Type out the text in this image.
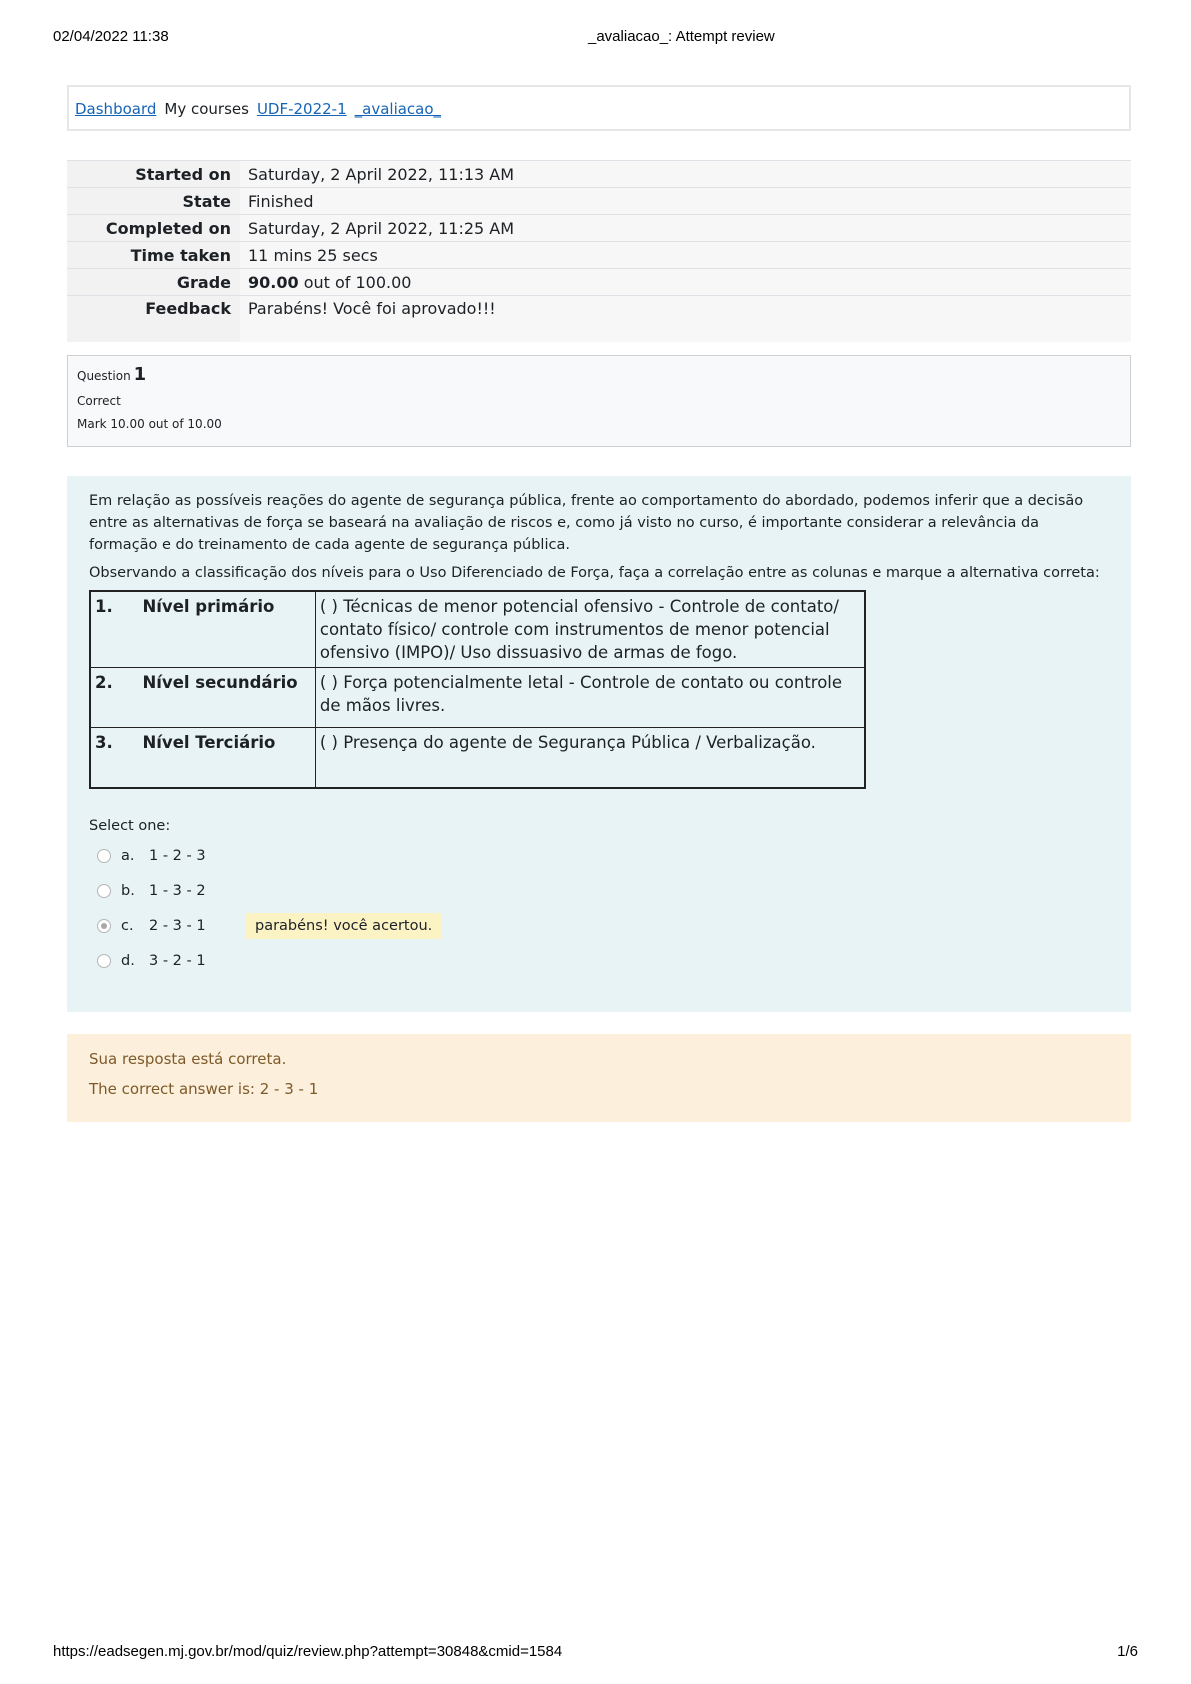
02/04/2022 11:38	_avaliacao_: Attempt review
Dashboard My courses UDF-2022-1 _avaliacao_
Started on	Saturday, 2 April 2022, 11:13 AM
State	Finished
Completed on	Saturday, 2 April 2022, 11:25 AM
Time taken	11 mins 25 secs
Grade	90.00 out of 100.00
Feedback	Parabéns! Você foi aprovado!!!
Question 1
Correct
Mark 10.00 out of 10.00

Em relação as possíveis reações do agente de segurança pública, frente ao comportamento do abordado, podemos inferir que a decisão entre as alternativas de força se baseará na avaliação de riscos e, como já visto no curso, é importante considerar a relevância da formação e do treinamento de cada agente de segurança pública.

Observando a classificação dos níveis para o Uso Diferenciado de Força, faça a correlação entre as colunas e marque a alternativa correta:

1.	Nível primário	( ) Técnicas de menor potencial ofensivo - Controle de contato/ contato físico/ controle com instrumentos de menor potencial ofensivo (IMPO)/ Uso dissuasivo de armas de fogo.
2.	Nível secundário	( ) Força potencialmente letal - Controle de contato ou controle de mãos livres.
3.	Nível Terciário	( ) Presença do agente de Segurança Pública / Verbalização.
Select one:
a.	1 - 2 - 3
b. 1 - 3 - 2
c.	2 - 3 - 1	parabéns! você acertou.
d. 3 - 2 - 1
Sua resposta está correta.
The correct answer is: 2 - 3 - 1
https://eadsegen.mj.gov.br/mod/quiz/review.php?attempt=30848&cmid=1584	1/6
